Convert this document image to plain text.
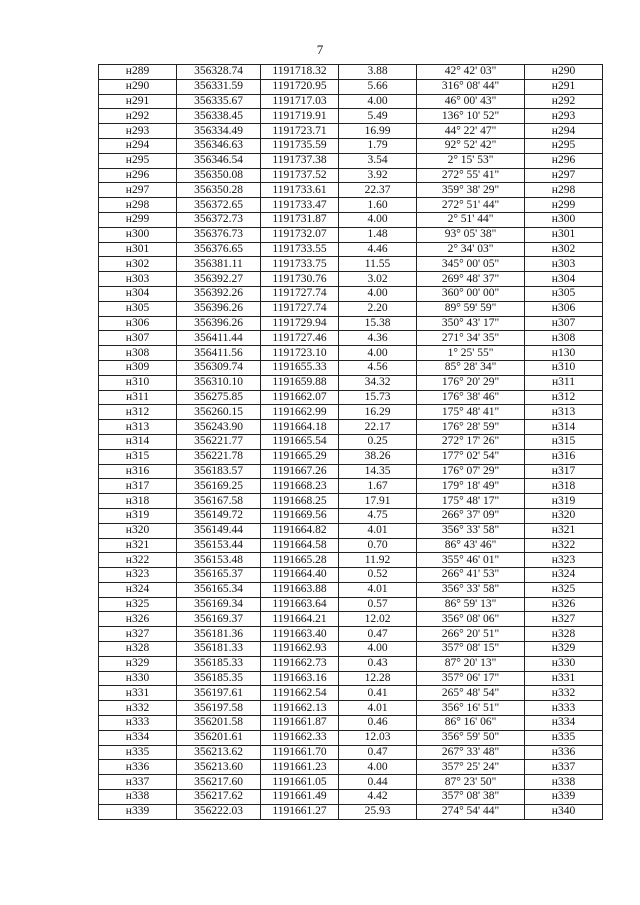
7
н289	356328.74	1191718.32	3.88	42° 42' 03"	н290
н290	356331.59	1191720.95	5.66	316° 08' 44"	н291
н291	356335.67	1191717.03	4.00	46° 00' 43"	н292
н292	356338.45	1191719.91	5.49	136° 10' 52"	н293
н293	356334.49	1191723.71	16.99	44° 22' 47"	н294
н294	356346.63	1191735.59	1.79	92° 52' 42"	н295
н295	356346.54	1191737.38	3.54	2° 15' 53"	н296
н296	356350.08	1191737.52	3.92	272° 55' 41"	н297
н297	356350.28	1191733.61	22.37	359° 38' 29"	н298
н298	356372.65	1191733.47	1.60	272° 51' 44"	н299
н299	356372.73	1191731.87	4.00	2° 51' 44"	н300
н300	356376.73	1191732.07	1.48	93° 05' 38"	н301
н301	356376.65	1191733.55	4.46	2° 34' 03"	н302
н302	356381.11	1191733.75	11.55	345° 00' 05"	н303
н303	356392.27	1191730.76	3.02	269° 48' 37"	н304
н304	356392.26	1191727.74	4.00	360° 00' 00"	н305
н305	356396.26	1191727.74	2.20	89° 59' 59"	н306
н306	356396.26	1191729.94	15.38	350° 43' 17"	н307
н307	356411.44	1191727.46	4.36	271° 34' 35"	н308
н308	356411.56	1191723.10	4.00	1° 25' 55"	н130
н309	356309.74	1191655.33	4.56	85° 28' 34"	н310
н310	356310.10	1191659.88	34.32	176° 20' 29"	н311
н311	356275.85	1191662.07	15.73	176° 38' 46"	н312
н312	356260.15	1191662.99	16.29	175° 48' 41"	н313
н313	356243.90	1191664.18	22.17	176° 28' 59"	н314
н314	356221.77	1191665.54	0.25	272° 17' 26"	н315
н315	356221.78	1191665.29	38.26	177° 02' 54"	н316
н316	356183.57	1191667.26	14.35	176° 07' 29"	н317
н317	356169.25	1191668.23	1.67	179° 18' 49"	н318
н318	356167.58	1191668.25	17.91	175° 48' 17"	н319
н319	356149.72	1191669.56	4.75	266° 37' 09"	н320
н320	356149.44	1191664.82	4.01	356° 33' 58"	н321
н321	356153.44	1191664.58	0.70	86° 43' 46"	н322
н322	356153.48	1191665.28	11.92	355° 46' 01"	н323
н323	356165.37	1191664.40	0.52	266° 41' 53"	н324
н324	356165.34	1191663.88	4.01	356° 33' 58"	н325
н325	356169.34	1191663.64	0.57	86° 59' 13"	н326
н326	356169.37	1191664.21	12.02	356° 08' 06"	н327
н327	356181.36	1191663.40	0.47	266° 20' 51"	н328
н328	356181.33	1191662.93	4.00	357° 08' 15"	н329
н329	356185.33	1191662.73	0.43	87° 20' 13"	н330
н330	356185.35	1191663.16	12.28	357° 06' 17"	н331
н331	356197.61	1191662.54	0.41	265° 48' 54"	н332
н332	356197.58	1191662.13	4.01	356° 16' 51"	н333
н333	356201.58	1191661.87	0.46	86° 16' 06"	н334
н334	356201.61	1191662.33	12.03	356° 59' 50"	н335
н335	356213.62	1191661.70	0.47	267° 33' 48"	н336
н336	356213.60	1191661.23	4.00	357° 25' 24"	н337
н337	356217.60	1191661.05	0.44	87° 23' 50"	н338
н338	356217.62	1191661.49	4.42	357° 08' 38"	н339
н339	356222.03	1191661.27	25.93	274° 54' 44"	н340
